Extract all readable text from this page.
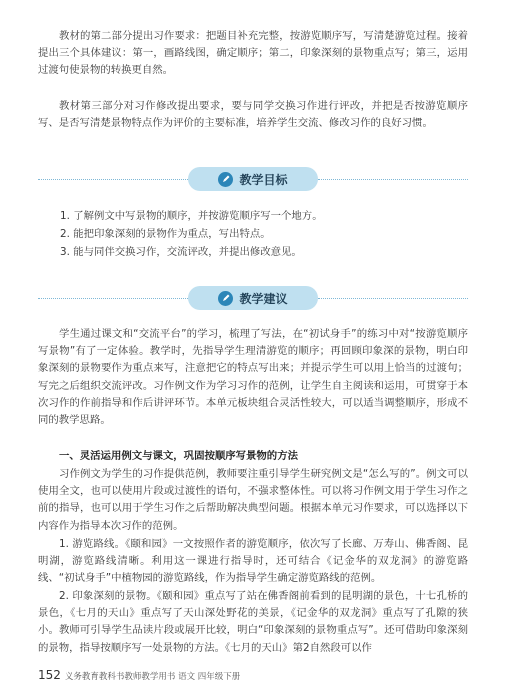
教材的第二部分提出习作要求：把题目补充完整，按游览顺序写，写清楚游览过程。接着提出三个具体建议：第一，画路线图，确定顺序；第二，印象深刻的景物重点写；第三，运用过渡句使景物的转换更自然。

教材第三部分对习作修改提出要求，要与同学交换习作进行评改，并把是否按游览顺序写、是否写清楚景物特点作为评价的主要标准，培养学生交流、修改习作的良好习惯。

教学目标

1. 了解例文中写景物的顺序，并按游览顺序写一个地方。

2. 能把印象深刻的景物作为重点，写出特点。

3. 能与同伴交换习作，交流评改，并提出修改意见。

教学建议

学生通过课文和“交流平台”的学习，梳理了写法，在“初试身手”的练习中对“按游览顺序写景物”有了一定体验。教学时，先指导学生理清游览的顺序；再回顾印象深的景物，明白印象深刻的景物要作为重点来写，注意把它的特点写出来；并提示学生可以用上恰当的过渡句；写完之后组织交流评改。习作例文作为学习习作的范例，让学生自主阅读和运用，可贯穿于本次习作的作前指导和作后讲评环节。本单元板块组合灵活性较大，可以适当调整顺序，形成不同的教学思路。

一、灵活运用例文与课文，巩固按顺序写景物的方法

习作例文为学生的习作提供范例，教师要注重引导学生研究例文是“怎么写的”。例文可以使用全文，也可以使用片段或过渡性的语句，不强求整体性。可以将习作例文用于学生习作之前的指导，也可以用于学生习作之后帮助解决典型问题。根据本单元习作要求，可以选择以下内容作为指导本次习作的范例。

1. 游览路线。《颐和园》一文按照作者的游览顺序，依次写了长廊、万寿山、佛香阁、昆明湖，游览路线清晰。利用这一课进行指导时，还可结合《记金华的双龙洞》的游览路线、“初试身手”中植物园的游览路线，作为指导学生确定游览路线的范例。

2. 印象深刻的景物。《颐和园》重点写了站在佛香阁前看到的昆明湖的景色，十七孔桥的景色，《七月的天山》重点写了天山深处野花的美景，《记金华的双龙洞》重点写了孔隙的狭小。教师可引导学生品读片段或展开比较，明白“印象深刻的景物重点写”。还可借助印象深刻的景物，指导按顺序写一处景物的方法。《七月的天山》第2自然段可以作

152 义务教育教科书教师教学用书 语文 四年级下册
